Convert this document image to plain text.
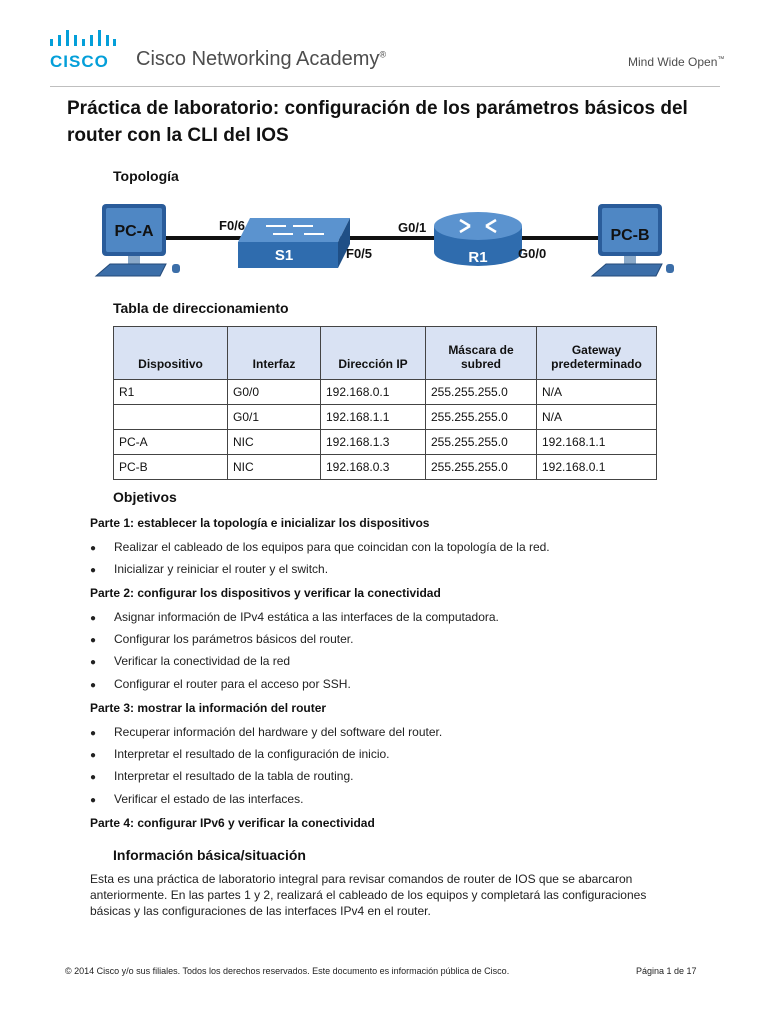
CISCO Cisco Networking Academy®
Mind Wide Open™
Práctica de laboratorio: configuración de los parámetros básicos del router con la CLI del IOS
Topología
PC-A
S1	R1
PC-B
F0/6
F0/5
G0/1
G0/0
Tabla de direccionamiento
Dispositivo	Interfaz	Dirección IP	Máscara de subred	Gateway predeterminado
R1	G0/0	192.168.0.1	255.255.255.0	N/A
	G0/1	192.168.1.1	255.255.255.0	N/A
PC-A	NIC	192.168.1.3	255.255.255.0	192.168.1.1
PC-B	NIC	192.168.0.3	255.255.255.0	192.168.0.1
Objetivos
Parte 1: establecer la topología e inicializar los dispositivos
● Realizar el cableado de los equipos para que coincidan con la topología de la red.
● Inicializar y reiniciar el router y el switch.
Parte 2: configurar los dispositivos y verificar la conectividad
● Asignar información de IPv4 estática a las interfaces de la computadora.
● Configurar los parámetros básicos del router.
● Verificar la conectividad de la red
● Configurar el router para el acceso por SSH.
Parte 3: mostrar la información del router
● Recuperar información del hardware y del software del router.
● Interpretar el resultado de la configuración de inicio.
● Interpretar el resultado de la tabla de routing.
● Verificar el estado de las interfaces.
Parte 4: configurar IPv6 y verificar la conectividad
Información básica/situación
Esta es una práctica de laboratorio integral para revisar comandos de router de IOS que se abarcaron anteriormente. En las partes 1 y 2, realizará el cableado de los equipos y completará las configuraciones básicas y las configuraciones de las interfaces IPv4 en el router.
© 2014 Cisco y/o sus filiales. Todos los derechos reservados. Este documento es información pública de Cisco.	Página 1 de 17
